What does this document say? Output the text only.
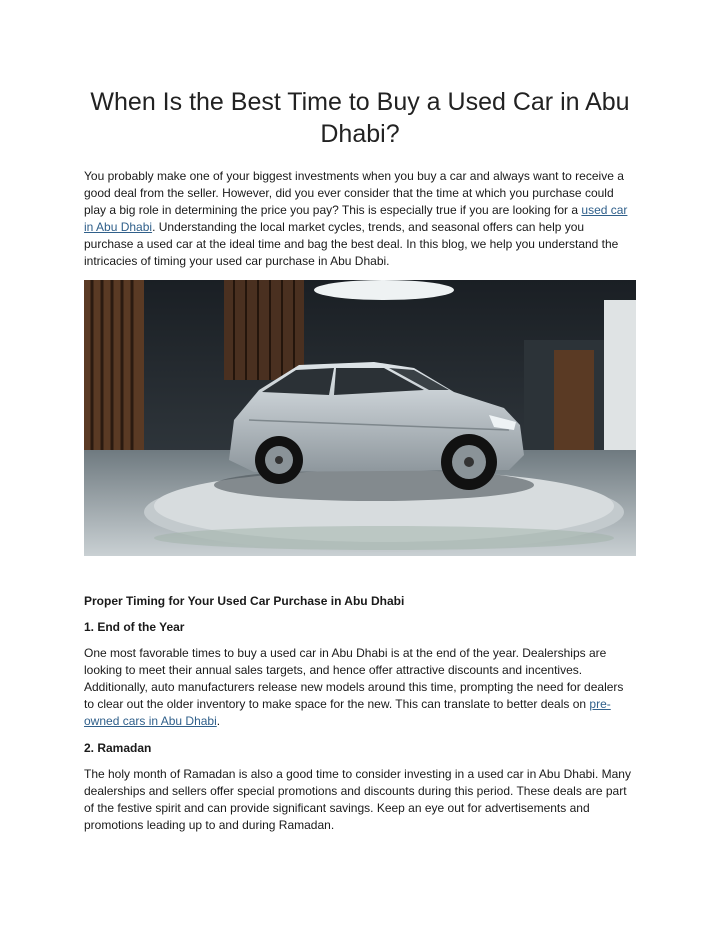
When Is the Best Time to Buy a Used Car in Abu Dhabi?

You probably make one of your biggest investments when you buy a car and always want to receive a good deal from the seller. However, did you ever consider that the time at which you purchase could play a big role in determining the price you pay? This is especially true if you are looking for a used car in Abu Dhabi. Understanding the local market cycles, trends, and seasonal offers can help you purchase a used car at the ideal time and bag the best deal. In this blog, we help you understand the intricacies of timing your used car purchase in Abu Dhabi.

Proper Timing for Your Used Car Purchase in Abu Dhabi

1. End of the Year

One most favorable times to buy a used car in Abu Dhabi is at the end of the year. Dealerships are looking to meet their annual sales targets, and hence offer attractive discounts and incentives. Additionally, auto manufacturers release new models around this time, prompting the need for dealers to clear out the older inventory to make space for the new. This can translate to better deals on pre-owned cars in Abu Dhabi.

2. Ramadan

The holy month of Ramadan is also a good time to consider investing in a used car in Abu Dhabi. Many dealerships and sellers offer special promotions and discounts during this period. These deals are part of the festive spirit and can provide significant savings. Keep an eye out for advertisements and promotions leading up to and during Ramadan.
